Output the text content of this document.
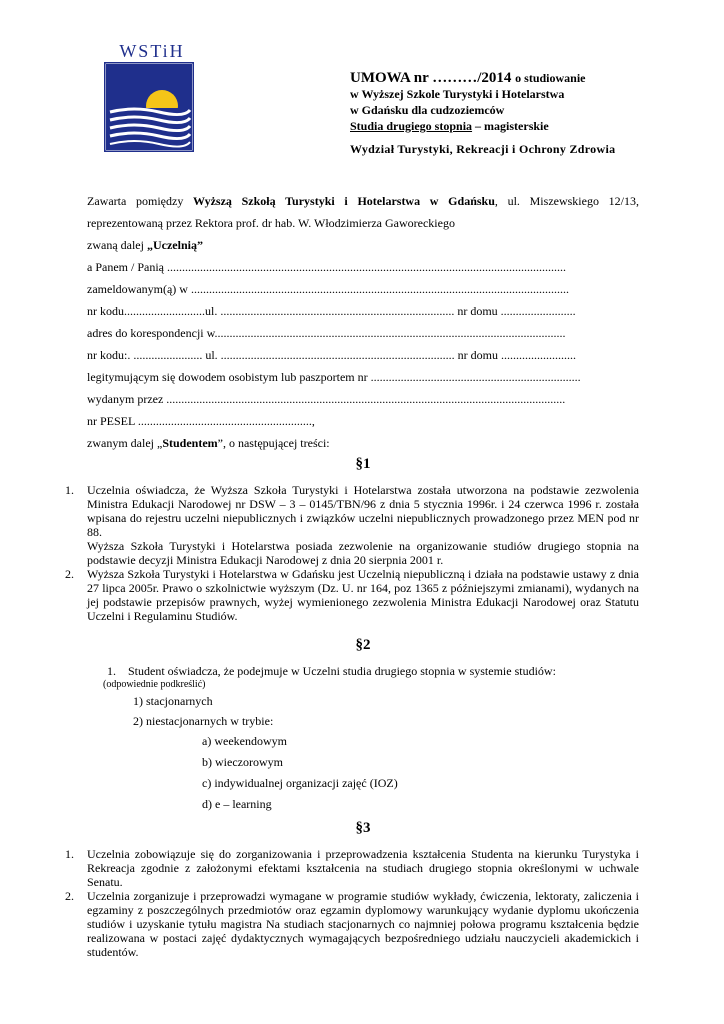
WSTiH
UMOWA nr ………/2014 o studiowanie
w Wyższej Szkole Turystyki i Hotelarstwa
w Gdańsku dla cudzoziemców
Studia drugiego stopnia – magisterskie
Wydział Turystyki, Rekreacji i Ochrony Zdrowia

Zawarta pomiędzy Wyższą Szkołą Turystyki i Hotelarstwa w Gdańsku, ul. Miszewskiego 12/13, reprezentowaną przez Rektora prof. dr hab. W. Włodzimierza Gaworeckiego

zwaną dalej „Uczelnią”
a Panem / Panią .....................................................................................................................................
zameldowanym(ą) w ..............................................................................................................................
nr kodu...........................ul. .............................................................................. nr domu .........................
adres do korespondencji w.....................................................................................................................
nr kodu:. ....................... ul. .............................................................................. nr domu .........................
legitymującym się dowodem osobistym lub paszportem nr ......................................................................
wydanym przez .....................................................................................................................................
nr PESEL ..........................................................,
zwanym dalej „Studentem”, o następującej treści:
§1
1. Uczelnia oświadcza, że Wyższa Szkoła Turystyki i Hotelarstwa została utworzona na podstawie zezwolenia Ministra Edukacji Narodowej nr DSW – 3 – 0145/TBN/96 z dnia 5 stycznia 1996r. i 24 czerwca 1996 r. została wpisana do rejestru uczelni niepublicznych i związków uczelni niepublicznych prowadzonego przez MEN pod nr 88.
Wyższa Szkoła Turystyki i Hotelarstwa posiada zezwolenie na organizowanie studiów drugiego stopnia na podstawie decyzji Ministra Edukacji Narodowej z dnia 20 sierpnia 2001 r.
2. Wyższa Szkoła Turystyki i Hotelarstwa w Gdańsku jest Uczelnią niepubliczną i działa na podstawie ustawy z dnia 27 lipca 2005r. Prawo o szkolnictwie wyższym (Dz. U. nr 164, poz 1365 z późniejszymi zmianami), wydanych na jej podstawie przepisów prawnych, wyżej wymienionego zezwolenia Ministra Edukacji Narodowej oraz Statutu Uczelni i Regulaminu Studiów.
§2
1. Student oświadcza, że podejmuje w Uczelni studia drugiego stopnia w systemie studiów:
(odpowiednie podkreślić)
1) stacjonarnych
2) niestacjonarnych w trybie:
a) weekendowym
b) wieczorowym
c) indywidualnej organizacji zajęć (IOZ)
d) e – learning
§3
1. Uczelnia zobowiązuje się do zorganizowania i przeprowadzenia kształcenia Studenta na kierunku Turystyka i Rekreacja zgodnie z założonymi efektami kształcenia na studiach drugiego stopnia określonymi w uchwale Senatu.
2. Uczelnia zorganizuje i przeprowadzi wymagane w programie studiów wykłady, ćwiczenia, lektoraty, zaliczenia i egzaminy z poszczególnych przedmiotów oraz egzamin dyplomowy warunkujący wydanie dyplomu ukończenia studiów i uzyskanie tytułu magistra Na studiach stacjonarnych co najmniej połowa programu kształcenia będzie realizowana w postaci zajęć dydaktycznych wymagających bezpośredniego udziału nauczycieli akademickich i studentów.
